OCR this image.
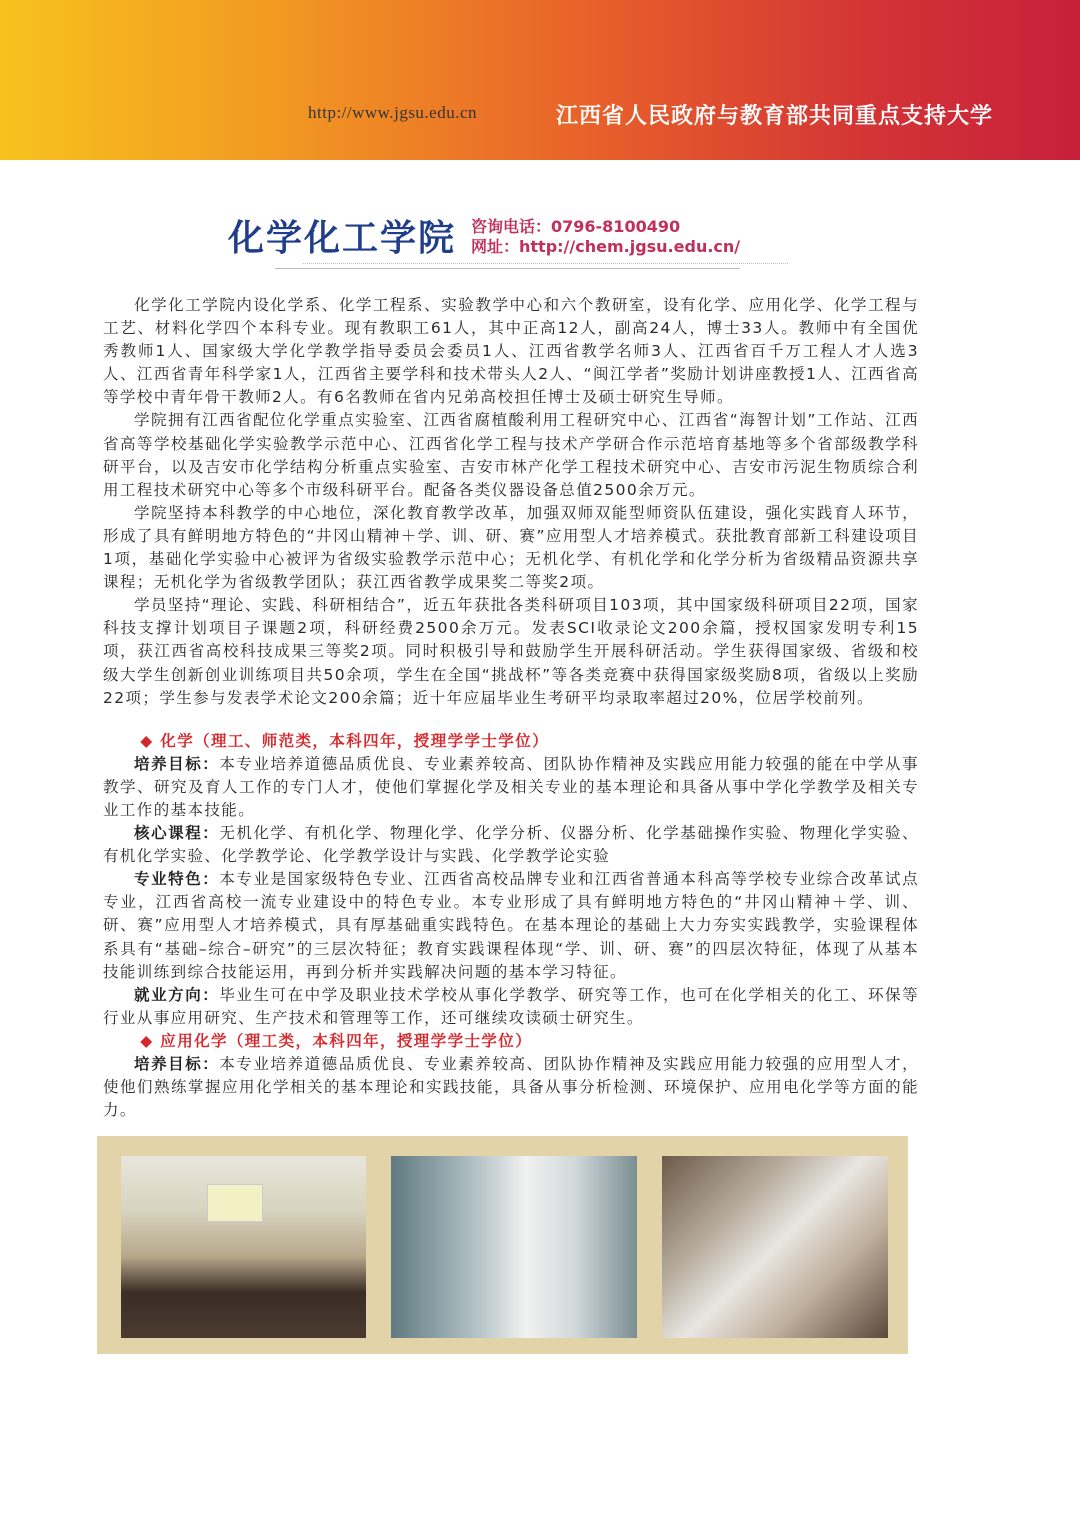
http://www.jgsu.edu.cn	江西省人民政府与教育部共同重点支持大学
化学化工学院 咨询电话：0796-8100490
网址：http://chem.jgsu.edu.cn/

化学化工学院内设化学系、化学工程系、实验教学中心和六个教研室，设有化学、应用化学、化学工程与工艺、材料化学四个本科专业。现有教职工61人，其中正高12人，副高24人，博士33人。教师中有全国优秀教师1人、国家级大学化学教学指导委员会委员1人、江西省教学名师3人、江西省百千万工程人才人选3人、江西省青年科学家1人，江西省主要学科和技术带头人2人、“闽江学者”奖励计划讲座教授1人、江西省高等学校中青年骨干教师2人。有6名教师在省内兄弟高校担任博士及硕士研究生导师。

学院拥有江西省配位化学重点实验室、江西省腐植酸利用工程研究中心、江西省“海智计划”工作站、江西省高等学校基础化学实验教学示范中心、江西省化学工程与技术产学研合作示范培育基地等多个省部级教学科研平台，以及吉安市化学结构分析重点实验室、吉安市林产化学工程技术研究中心、吉安市污泥生物质综合利用工程技术研究中心等多个市级科研平台。配备各类仪器设备总值2500余万元。

学院坚持本科教学的中心地位，深化教育教学改革，加强双师双能型师资队伍建设，强化实践育人环节，形成了具有鲜明地方特色的“井冈山精神＋学、训、研、赛”应用型人才培养模式。获批教育部新工科建设项目1项，基础化学实验中心被评为省级实验教学示范中心；无机化学、有机化学和化学分析为省级精品资源共享课程；无机化学为省级教学团队；获江西省教学成果奖二等奖2项。

学员坚持“理论、实践、科研相结合”，近五年获批各类科研项目103项，其中国家级科研项目22项，国家科技支撑计划项目子课题2项，科研经费2500余万元。发表SCI收录论文200余篇，授权国家发明专利15项，获江西省高校科技成果三等奖2项。同时积极引导和鼓励学生开展科研活动。学生获得国家级、省级和校级大学生创新创业训练项目共50余项，学生在全国“挑战杯”等各类竞赛中获得国家级奖励8项，省级以上奖励22项；学生参与发表学术论文200余篇；近十年应届毕业生考研平均录取率超过20%，位居学校前列。

◆ 化学（理工、师范类，本科四年，授理学学士学位）

培养目标：本专业培养道德品质优良、专业素养较高、团队协作精神及实践应用能力较强的能在中学从事教学、研究及育人工作的专门人才，使他们掌握化学及相关专业的基本理论和具备从事中学化学教学及相关专业工作的基本技能。

核心课程：无机化学、有机化学、物理化学、化学分析、仪器分析、化学基础操作实验、物理化学实验、有机化学实验、化学教学论、化学教学设计与实践、化学教学论实验

专业特色：本专业是国家级特色专业、江西省高校品牌专业和江西省普通本科高等学校专业综合改革试点专业，江西省高校一流专业建设中的特色专业。本专业形成了具有鲜明地方特色的“井冈山精神＋学、训、研、赛”应用型人才培养模式，具有厚基础重实践特色。在基本理论的基础上大力夯实实践教学，实验课程体系具有“基础–综合–研究”的三层次特征；教育实践课程体现“学、训、研、赛”的四层次特征，体现了从基本技能训练到综合技能运用，再到分析并实践解决问题的基本学习特征。

就业方向：毕业生可在中学及职业技术学校从事化学教学、研究等工作，也可在化学相关的化工、环保等行业从事应用研究、生产技术和管理等工作，还可继续攻读硕士研究生。

◆ 应用化学（理工类，本科四年，授理学学士学位）

培养目标：本专业培养道德品质优良、专业素养较高、团队协作精神及实践应用能力较强的应用型人才，使他们熟练掌握应用化学相关的基本理论和实践技能，具备从事分析检测、环境保护、应用电化学等方面的能力。
